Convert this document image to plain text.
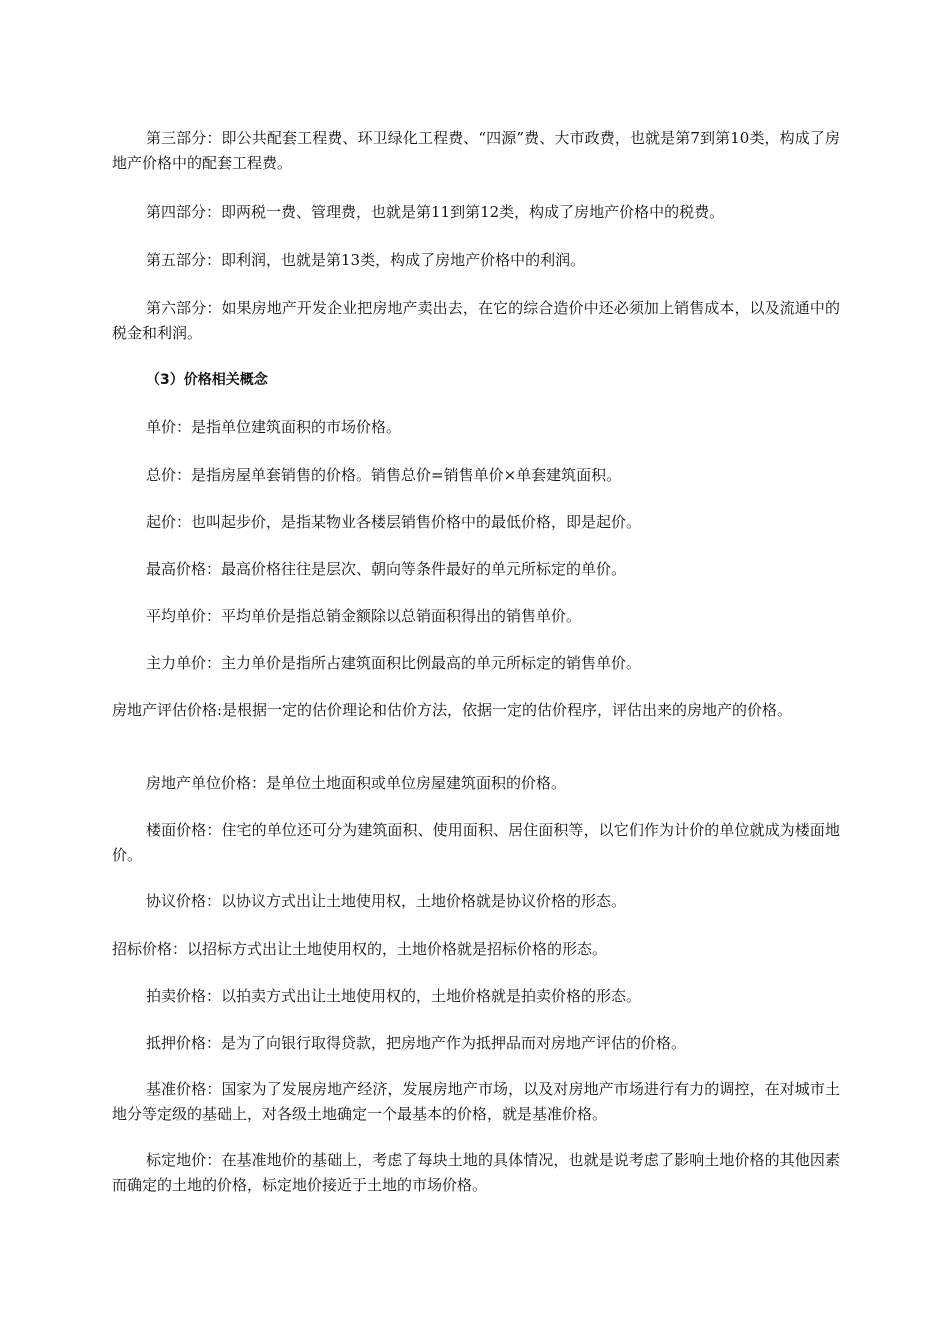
第三部分：即公共配套工程费、环卫绿化工程费、“四源”费、大市政费，也就是第7到第10类，构成了房地产价格中的配套工程费。

第四部分：即两税一费、管理费，也就是第11到第12类，构成了房地产价格中的税费。

第五部分：即利润，也就是第13类，构成了房地产价格中的利润。

第六部分：如果房地产开发企业把房地产卖出去，在它的综合造价中还必须加上销售成本，以及流通中的税金和利润。

（3）价格相关概念

单价：是指单位建筑面积的市场价格。

总价：是指房屋单套销售的价格。销售总价=销售单价×单套建筑面积。

起价：也叫起步价，是指某物业各楼层销售价格中的最低价格，即是起价。

最高价格：最高价格往往是层次、朝向等条件最好的单元所标定的单价。

平均单价：平均单价是指总销金额除以总销面积得出的销售单价。

主力单价：主力单价是指所占建筑面积比例最高的单元所标定的销售单价。

房地产评估价格:是根据一定的估价理论和估价方法，依据一定的估价程序，评估出来的房地产的价格。

房地产单位价格：是单位土地面积或单位房屋建筑面积的价格。

楼面价格：住宅的单位还可分为建筑面积、使用面积、居住面积等，以它们作为计价的单位就成为楼面地价。

协议价格：以协议方式出让土地使用权，土地价格就是协议价格的形态。

招标价格：以招标方式出让土地使用权的，土地价格就是招标价格的形态。

拍卖价格：以拍卖方式出让土地使用权的，土地价格就是拍卖价格的形态。

抵押价格：是为了向银行取得贷款，把房地产作为抵押品而对房地产评估的价格。

基准价格：国家为了发展房地产经济，发展房地产市场，以及对房地产市场进行有力的调控，在对城市土地分等定级的基础上，对各级土地确定一个最基本的价格，就是基准价格。

标定地价：在基准地价的基础上，考虑了每块土地的具体情况，也就是说考虑了影响土地价格的其他因素而确定的土地的价格，标定地价接近于土地的市场价格。
